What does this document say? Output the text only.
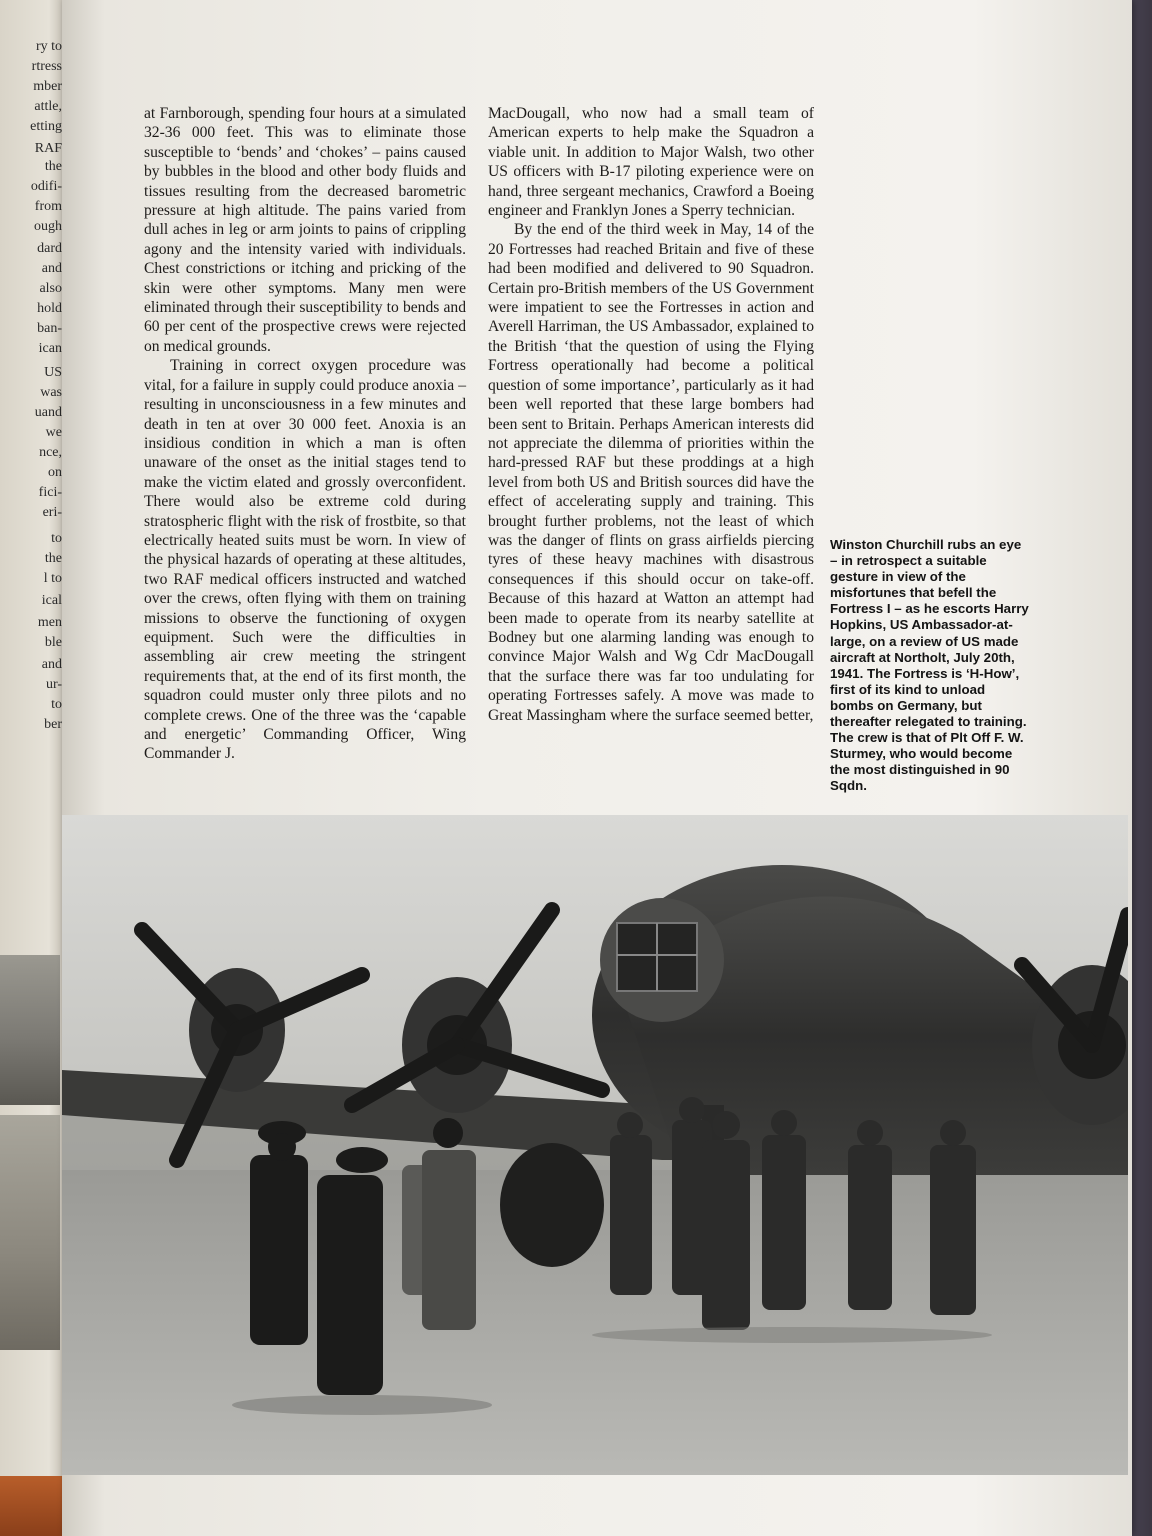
ry to
rtress
mber
attle,
etting
RAF
the
odifi-
from
ough
dard
and
also
hold
ban-
ican
US
was
uand
we
nce,
on
fici-
eri-
to
the
l to
ical
men
ble
and
ur-
to
ber

at Farnborough, spending four hours at a simulated 32-36 000 feet. This was to eliminate those susceptible to ‘bends’ and ‘chokes’ – pains caused by bubbles in the blood and other body fluids and tissues resulting from the decreased barometric pressure at high altitude. The pains varied from dull aches in leg or arm joints to pains of crippling agony and the intensity varied with individuals. Chest constrictions or itching and pricking of the skin were other symptoms. Many men were eliminated through their susceptibility to bends and 60 per cent of the prospective crews were rejected on medical grounds.

Training in correct oxygen procedure was vital, for a failure in supply could produce anoxia – resulting in unconsciousness in a few minutes and death in ten at over 30 000 feet. Anoxia is an insidious condition in which a man is often unaware of the onset as the initial stages tend to make the victim elated and grossly overconfident. There would also be extreme cold during stratospheric flight with the risk of frostbite, so that electrically heated suits must be worn. In view of the physical hazards of operating at these altitudes, two RAF medical officers instructed and watched over the crews, often flying with them on training missions to observe the functioning of oxygen equipment. Such were the difficulties in assembling air crew meeting the stringent requirements that, at the end of its first month, the squadron could muster only three pilots and no complete crews. One of the three was the ‘capable and energetic’ Commanding Officer, Wing Commander J.

MacDougall, who now had a small team of American experts to help make the Squadron a viable unit. In addition to Major Walsh, two other US officers with B-17 piloting experience were on hand, three sergeant mechanics, Crawford a Boeing engineer and Franklyn Jones a Sperry technician.

By the end of the third week in May, 14 of the 20 Fortresses had reached Britain and five of these had been modified and delivered to 90 Squadron. Certain pro-British members of the US Government were impatient to see the Fortresses in action and Averell Harriman, the US Ambassador, explained to the British ‘that the question of using the Flying Fortress operationally had become a political question of some importance’, particularly as it had been well reported that these large bombers had been sent to Britain. Perhaps American interests did not appreciate the dilemma of priorities within the hard-pressed RAF but these proddings at a high level from both US and British sources did have the effect of accelerating supply and training. This brought further problems, not the least of which was the danger of flints on grass airfields piercing tyres of these heavy machines with disastrous consequences if this should occur on take-off. Because of this hazard at Watton an attempt had been made to operate from its nearby satellite at Bodney but one alarming landing was enough to convince Major Walsh and Wg Cdr MacDougall that the surface there was far too undulating for operating Fortresses safely. A move was made to Great Massingham where the surface seemed better,

Winston Churchill rubs an eye – in retrospect a suitable gesture in view of the misfortunes that befell the Fortress I – as he escorts Harry Hopkins, US Ambassador-at-large, on a review of US made aircraft at Northolt, July 20th, 1941. The Fortress is ‘H-How’, first of its kind to unload bombs on Germany, but thereafter relegated to training. The crew is that of Plt Off F. W. Sturmey, who would become the most distinguished in 90 Sqdn.
